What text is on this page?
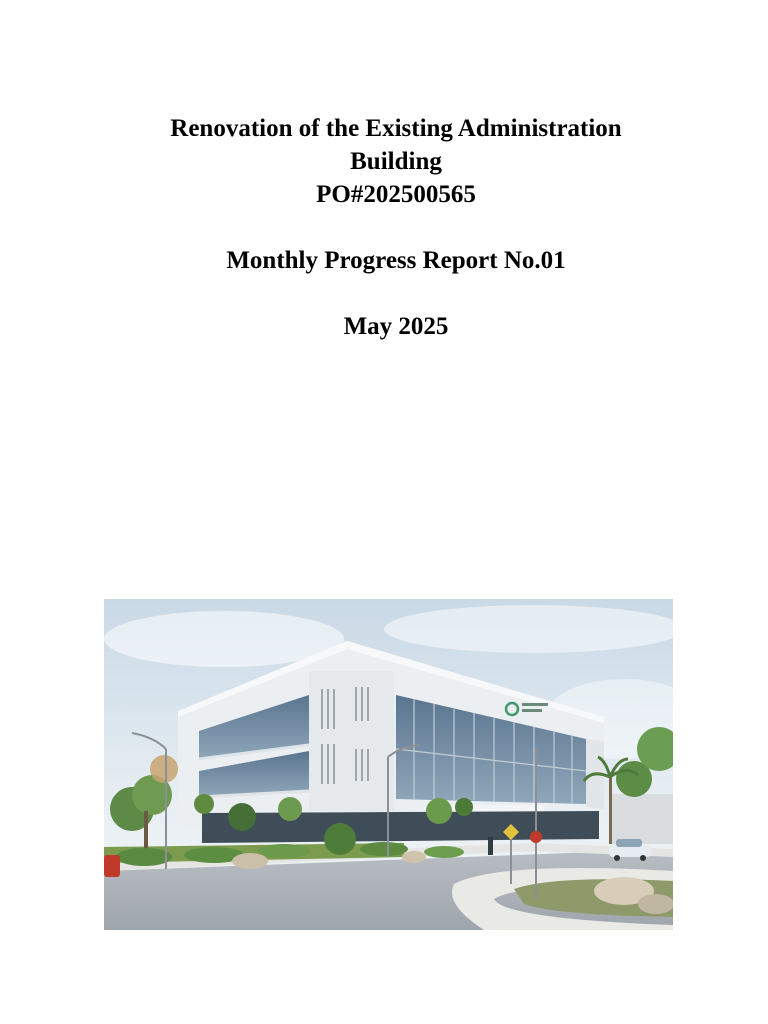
Renovation of the Existing Administration
Building
PO#202500565
Monthly Progress Report No.01
May 2025
